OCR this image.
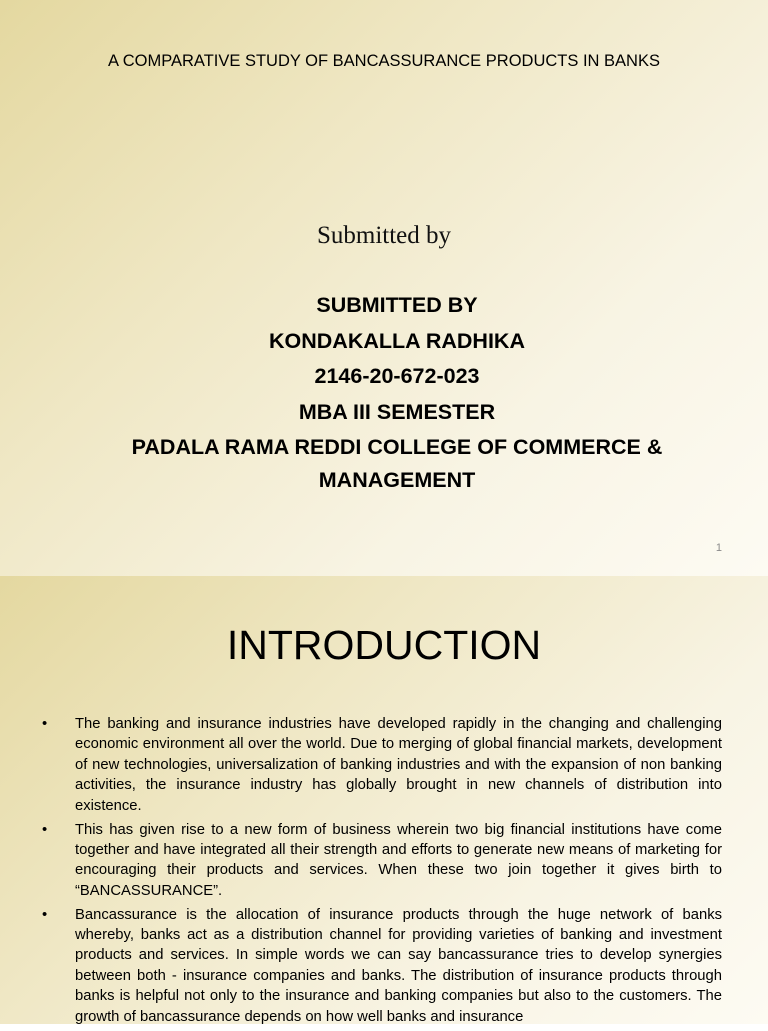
A COMPARATIVE STUDY OF BANCASSURANCE PRODUCTS IN BANKS
Submitted by
SUBMITTED BY
KONDAKALLA RADHIKA
2146-20-672-023
MBA III SEMESTER
PADALA RAMA REDDI COLLEGE OF COMMERCE &
MANAGEMENT
1
INTRODUCTION
• The banking and insurance industries have developed rapidly in the changing and challenging economic environment all over the world. Due to merging of global financial markets, development of new technologies, universalization of banking industries and with the expansion of non banking activities, the insurance industry has globally brought in new channels of distribution into existence.
• This has given rise to a new form of business wherein two big financial institutions have come together and have integrated all their strength and efforts to generate new means of marketing for encouraging their products and services. When these two join together it gives birth to “BANCASSURANCE”.
• Bancassurance is the allocation of insurance products through the huge network of banks whereby, banks act as a distribution channel for providing varieties of banking and investment products and services. In simple words we can say bancassurance tries to develop synergies between both - insurance companies and banks. The distribution of insurance products through banks is helpful not only to the insurance and banking companies but also to the customers. The growth of bancassurance depends on how well banks and insurance
